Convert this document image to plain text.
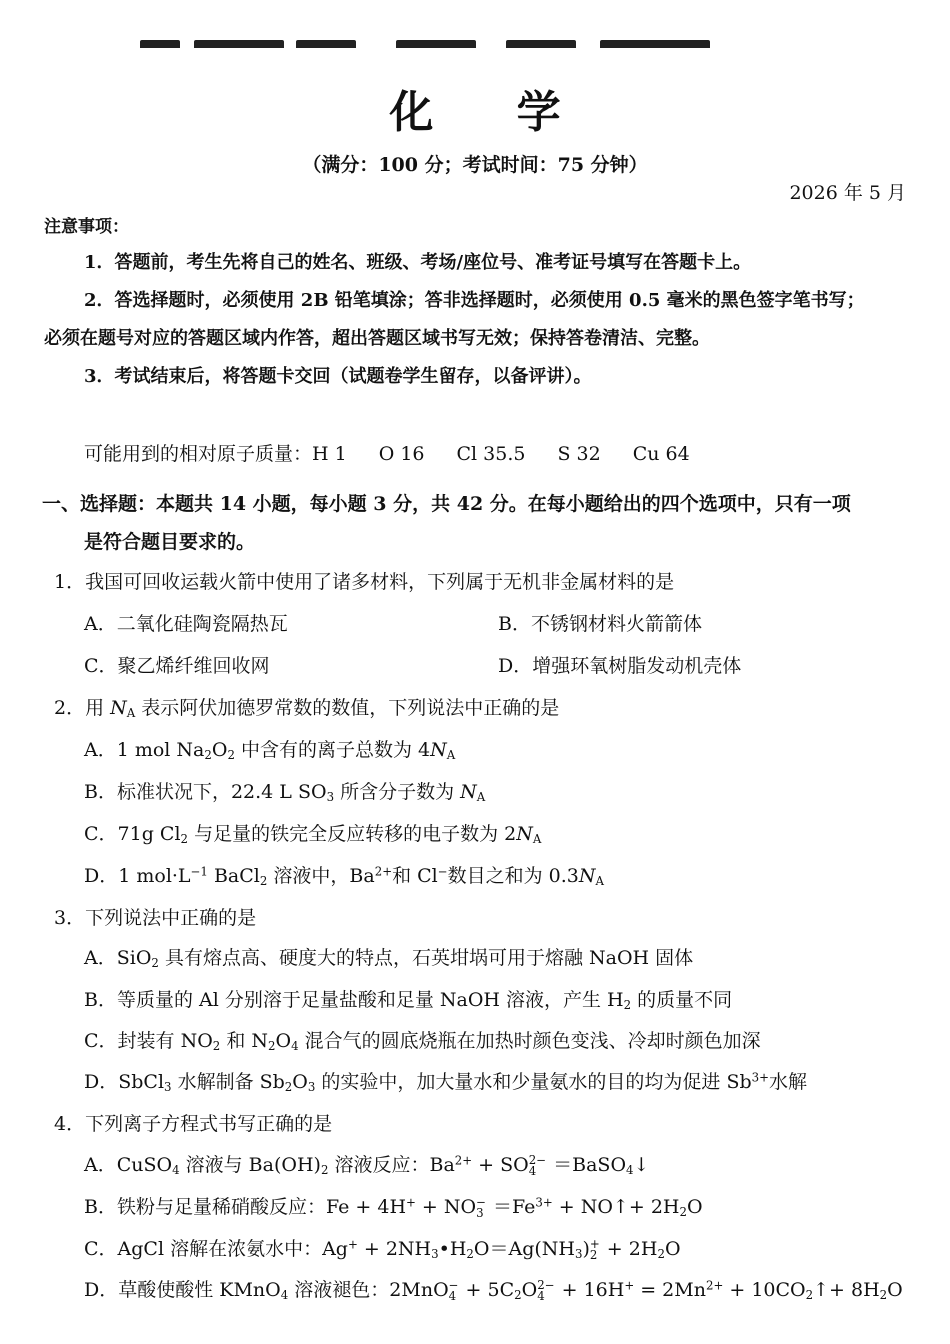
化 学
（满分：100 分；考试时间：75 分钟）
2026 年 5 月
注意事项：
1．答题前，考生先将自己的姓名、班级、考场/座位号、准考证号填写在答题卡上。
2．答选择题时，必须使用 2B 铅笔填涂；答非选择题时，必须使用 0.5 毫米的黑色签字笔书写；
必须在题号对应的答题区域内作答，超出答题区域书写无效；保持答卷清洁、完整。
3．考试结束后，将答题卡交回（试题卷学生留存，以备评讲）。
可能用到的相对原子质量：H 1 O 16 Cl 35.5 S 32 Cu 64
一、选择题：本题共 14 小题，每小题 3 分，共 42 分。在每小题给出的四个选项中，只有一项
是符合题目要求的。
1．我国可回收运载火箭中使用了诸多材料，下列属于无机非金属材料的是
A．二氧化硅陶瓷隔热瓦	B．不锈钢材料火箭箭体
C．聚乙烯纤维回收网	D．增强环氧树脂发动机壳体
2．用 $N_A$ 表示阿伏加德罗常数的数值，下列说法中正确的是
A．1 mol $Na_2O_2$ 中含有的离子总数为 $4N_A$
B．标准状况下，22.4 L $SO_3$ 所含分子数为 $N_A$
C．71g $Cl_2$ 与足量的铁完全反应转移的电子数为 $2N_A$
D．1 $mol\cdot L^{-1}$ BaCl$_2$ 溶液中，$Ba^{2+}$和 Cl−数目之和为 $0.3N_A$
3．下列说法中正确的是
A．SiO$_2$ 具有熔点高、硬度大的特点，石英坩埚可用于熔融 NaOH 固体
B．等质量的 Al 分别溶于足量盐酸和足量 NaOH 溶液，产生 $H_2$ 的质量不同
C．封装有 $NO_2$ 和 $N_2O_4$ 混合气的圆底烧瓶在加热时颜色变浅、冷却时颜色加深
D．SbCl$_3$ 水解制备 $Sb_2O_3$ 的实验中，加大量水和少量氨水的目的均为促进 $Sb^{3+}$水解
4．下列离子方程式书写正确的是
A．CuSO$_4$ 溶液与 $Ba(OH)_2$ 溶液反应：$Ba^{2+}$ + SO 2−
4 ＝BaSO$_4$↓
B．铁粉与足量稀硝酸反应：Fe + 4H+ + NO −
$3 =Fe^{3+}$ + NO↑+ $2H_2O$
C．AgCl 溶解在浓氨水中：$Ag^+ + 2NH_3•H_2O=Ag(NH_3)$ +
$2 + 2H_2O$
D．草酸使酸性 KMnO$_4$ 溶液褪色：2MnO −
$4 + 5C_2O$ 2−
$4 + 16H^+ = 2Mn^{2+}$ + $10CO_2↑+ 8H_2O$
